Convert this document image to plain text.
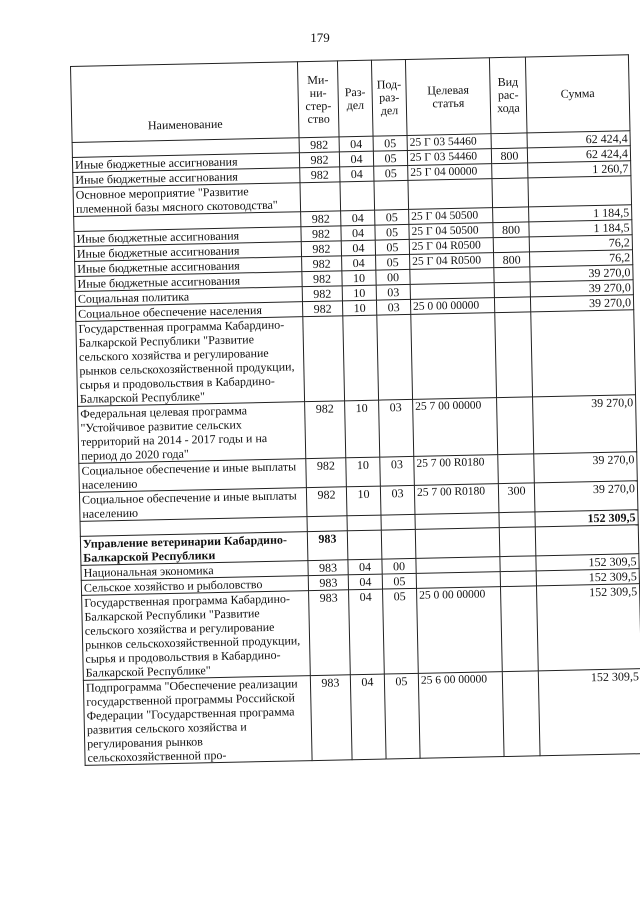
179
Наименование	Ми-
ни-
стер-
ство	Раз-
дел	Под-
раз-
дел	Целевая
статья	Вид
рас-
хода	Сумма
	982	04	05	25 Г 03 54460		62 424,4
Иные бюджетные ассигнования	982	04	05	25 Г 03 54460	800	62 424,4
Иные бюджетные ассигнования	982	04	05	25 Г 04 00000		1 260,7
Основное мероприятие "Развитие племенной базы мясного скотоводства"						
	982	04	05	25 Г 04 50500		1 184,5
Иные бюджетные ассигнования	982	04	05	25 Г 04 50500	800	1 184,5
Иные бюджетные ассигнования	982	04	05	25 Г 04 R0500		76,2
Иные бюджетные ассигнования	982	04	05	25 Г 04 R0500	800	76,2
Иные бюджетные ассигнования	982	10	00			39 270,0
Социальная политика	982	10	03			39 270,0
Социальное обеспечение населения	982	10	03	25 0 00 00000		39 270,0
Государственная программа Кабардино-Балкарской Республики "Развитие сельского хозяйства и регулирование рынков сельскохозяйственной продукции, сырья и продовольствия в Кабардино-Балкарской Республике"						
Федеральная целевая программа "Устойчивое развитие сельских территорий на 2014 - 2017 годы и на период до 2020 года"	982	10	03	25 7 00 00000		39 270,0
Социальное обеспечение и иные выплаты населению	982	10	03	25 7 00 R0180		39 270,0
Социальное обеспечение и иные выплаты населению	982	10	03	25 7 00 R0180	300	39 270,0
						152 309,5
Управление ветеринарии Кабардино-Балкарской Республики	983					
Национальная экономика	983	04	00			152 309,5
Сельское хозяйство и рыболовство	983	04	05			152 309,5
Государственная программа Кабардино-Балкарской Республики "Развитие сельского хозяйства и регулирование рынков сельскохозяйственной продукции, сырья и продовольствия в Кабардино-Балкарской Республике"	983	04	05	25 0 00 00000		152 309,5
Подпрограмма "Обеспечение реализации государственной программы Российской Федерации "Государственная программа развития сельского хозяйства и регулирования рынков сельскохозяйственной про-	983	04	05	25 6 00 00000		152 309,5
